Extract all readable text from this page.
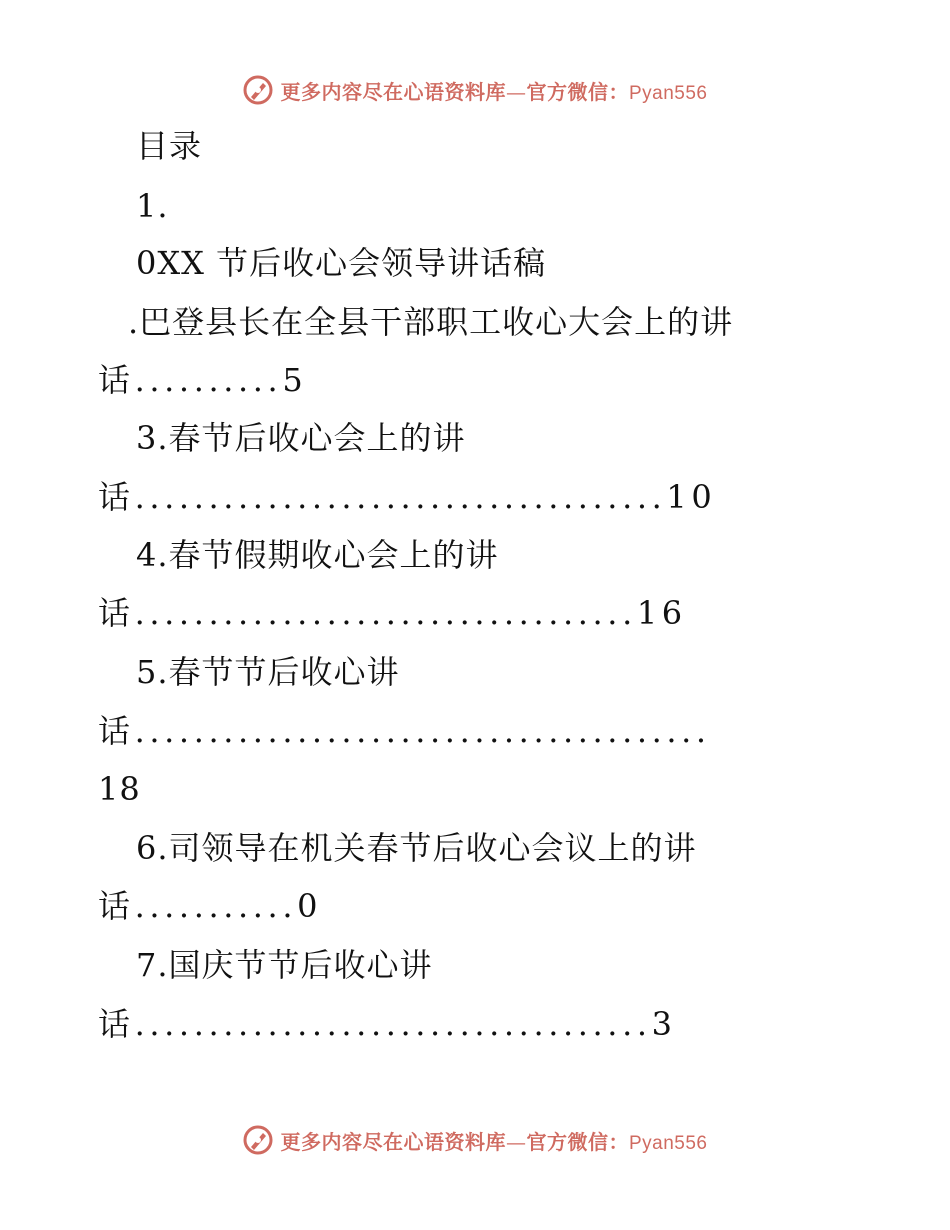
更多内容尽在心语资料库—官方微信：Pyan556
目录
1.
0XX 节后收心会领导讲话稿
.巴登县长在全县干部职工收心大会上的讲
话..........5
3.春节后收心会上的讲
话....................................10
4.春节假期收心会上的讲
话..................................16
5.春节节后收心讲
话.......................................
18
6.司领导在机关春节后收心会议上的讲
话...........0
7.国庆节节后收心讲
话...................................3
更多内容尽在心语资料库—官方微信：Pyan556
